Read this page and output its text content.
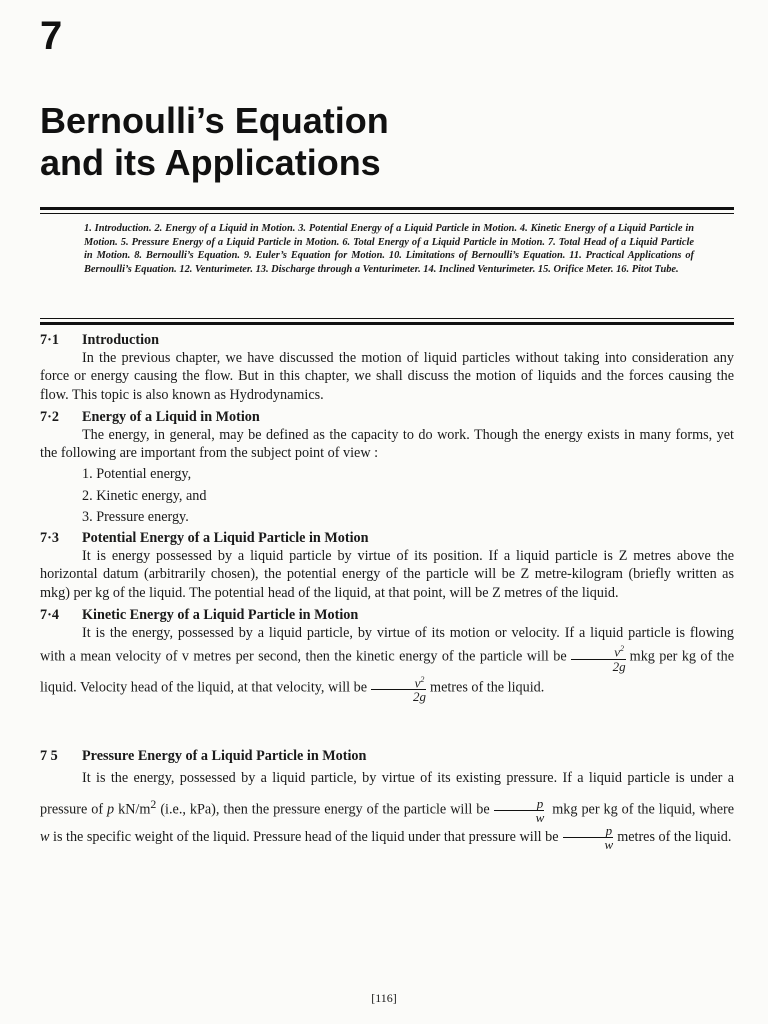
7
Bernoulli’s Equation
and its Applications
1. Introduction. 2. Energy of a Liquid in Motion. 3. Potential Energy of a Liquid Particle in Motion. 4. Kinetic Energy of a Liquid Particle in Motion. 5. Pressure Energy of a Liquid Particle in Motion. 6. Total Energy of a Liquid Particle in Motion. 7. Total Head of a Liquid Particle in Motion. 8. Bernoulli’s Equation. 9. Euler’s Equation for Motion. 10. Limitations of Bernoulli’s Equation. 11. Practical Applications of Bernoulli’s Equation. 12. Venturimeter. 13. Discharge through a Venturimeter. 14. Inclined Venturimeter. 15. Orifice Meter. 16. Pitot Tube.
7·1	Introduction

In the previous chapter, we have discussed the motion of liquid particles without taking into consideration any force or energy causing the flow. But in this chapter, we shall discuss the motion of liquids and the forces causing the flow. This topic is also known as Hydrodynamics.

7·2	Energy of a Liquid in Motion

The energy, in general, may be defined as the capacity to do work. Though the energy exists in many forms, yet the following are important from the subject point of view :

1. Potential energy,
2. Kinetic energy, and
3. Pressure energy.
7·3	Potential Energy of a Liquid Particle in Motion

It is energy possessed by a liquid particle by virtue of its position. If a liquid particle is Z metres above the horizontal datum (arbitrarily chosen), the potential energy of the particle will be Z metre-kilogram (briefly written as mkg) per kg of the liquid. The potential head of the liquid, at that point, will be Z metres of the liquid.

7·4	Kinetic Energy of a Liquid Particle in Motion

It is the energy, possessed by a liquid particle, by virtue of its motion or velocity. If a liquid particle is flowing with a mean velocity of v metres per second, then the kinetic energy of the particle will be $\frac{v^2}{2g}$ mkg per kg of the liquid. Velocity head of the liquid, at that velocity, will be $\frac{v^2}{2g}$ metres of the liquid.

7 5	Pressure Energy of a Liquid Particle in Motion

It is the energy, possessed by a liquid particle, by virtue of its existing pressure. If a liquid particle is under a pressure of p $kN/m^2$ (i.e., kPa), then the pressure energy of the particle will be $\frac{p}{w}$ mkg per kg of the liquid, where w is the specific weight of the liquid. Pressure head of the liquid under that pressure will be $\frac{p}{w}$ metres of the liquid.

[116]
